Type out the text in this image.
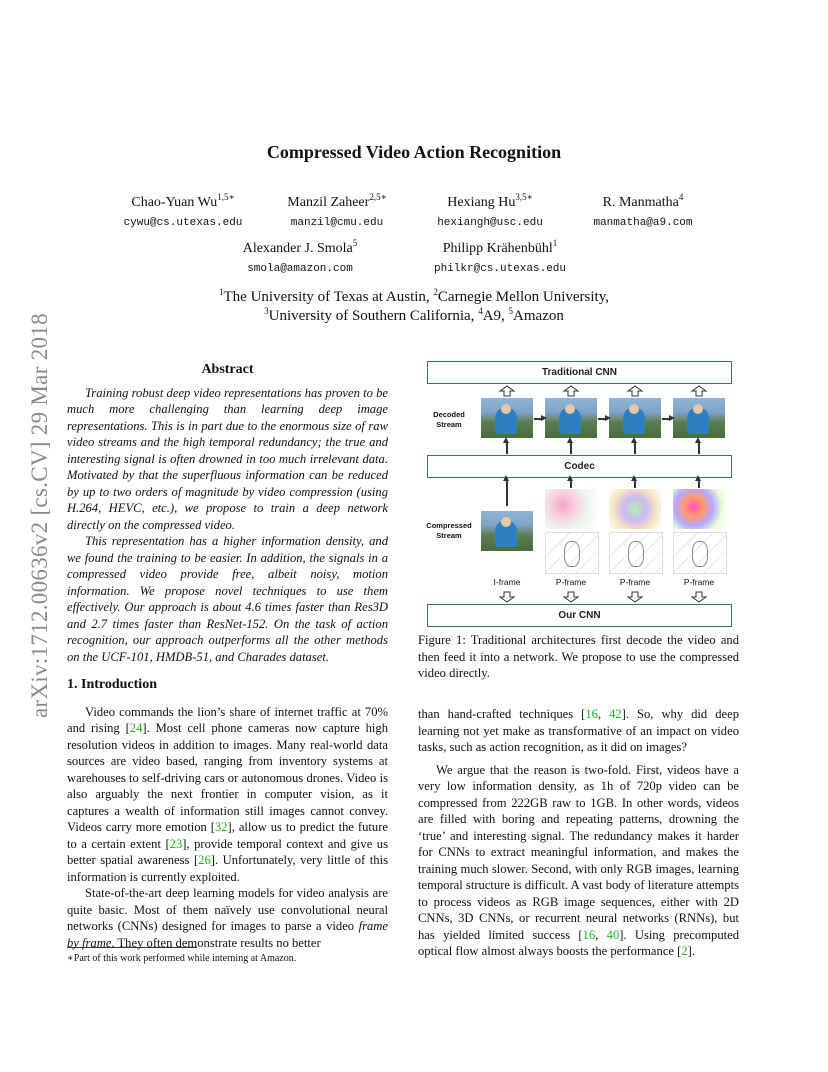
arXiv:1712.00636v2 [cs.CV] 29 Mar 2018
Compressed Video Action Recognition
Chao-Yuan $Wu^{1,5∗}$
cywu@cs.utexas.edu
Manzil Zaheer$^{2,5∗}$
manzil@cmu.edu
Hexiang $Hu^{3,5∗}$
hexiangh@usc.edu
R. Manmatha$^4$
manmatha@a9.com
Alexander J. Smola$^5$
smola@amazon.com
Philipp Krähenbühl$^1$
philkr@cs.utexas.edu
$^1$The University of Texas at Austin, $^2$Carnegie Mellon University,
$^3$University of Southern California, $^4$A9, $^5$Amazon
Abstract

Training robust deep video representations has proven to be much more challenging than learning deep image representations. This is in part due to the enormous size of raw video streams and the high temporal redundancy; the true and interesting signal is often drowned in too much irrelevant data. Motivated by that the superfluous information can be reduced by up to two orders of magnitude by video compression (using H.264, HEVC, etc.), we propose to train a deep network directly on the compressed video.

This representation has a higher information density, and we found the training to be easier. In addition, the signals in a compressed video provide free, albeit noisy, motion information. We propose novel techniques to use them effectively. Our approach is about 4.6 times faster than Res3D and 2.7 times faster than ResNet-152. On the task of action recognition, our approach outperforms all the other methods on the UCF-101, HMDB-51, and Charades dataset.

1. Introduction

Video commands the lion’s share of internet traffic at 70% and rising [24]. Most cell phone cameras now capture high resolution videos in addition to images. Many real-world data sources are video based, ranging from inventory systems at warehouses to self-driving cars or autonomous drones. Video is also arguably the next frontier in computer vision, as it captures a wealth of information still images cannot convey. Videos carry more emotion [32], allow us to predict the future to a certain extent [23], provide temporal context and give us better spatial awareness [26]. Unfortunately, very little of this information is currently exploited.

State-of-the-art deep learning models for video analysis are quite basic. Most of them naïvely use convolutional neural networks (CNNs) designed for images to parse a video frame by frame. They often demonstrate results no better

∗Part of this work performed while interning at Amazon.
Traditional CNN
Decoded Stream
Codec
Compressed Stream
I-frame	P-frame	P-frame	P-frame
Our CNN
Figure 1: Traditional architectures first decode the video and then feed it into a network. We propose to use the compressed video directly.

than hand-crafted techniques [16, 42]. So, why did deep learning not yet make as transformative of an impact on video tasks, such as action recognition, as it did on images?

We argue that the reason is two-fold. First, videos have a very low information density, as 1h of 720p video can be compressed from 222GB raw to 1GB. In other words, videos are filled with boring and repeating patterns, drowning the ‘true’ and interesting signal. The redundancy makes it harder for CNNs to extract meaningful information, and makes the training much slower. Second, with only RGB images, learning temporal structure is difficult. A vast body of literature attempts to process videos as RGB image sequences, either with 2D CNNs, 3D CNNs, or recurrent neural networks (RNNs), but has yielded limited success [16, 40]. Using precomputed optical flow almost always boosts the performance [2].
